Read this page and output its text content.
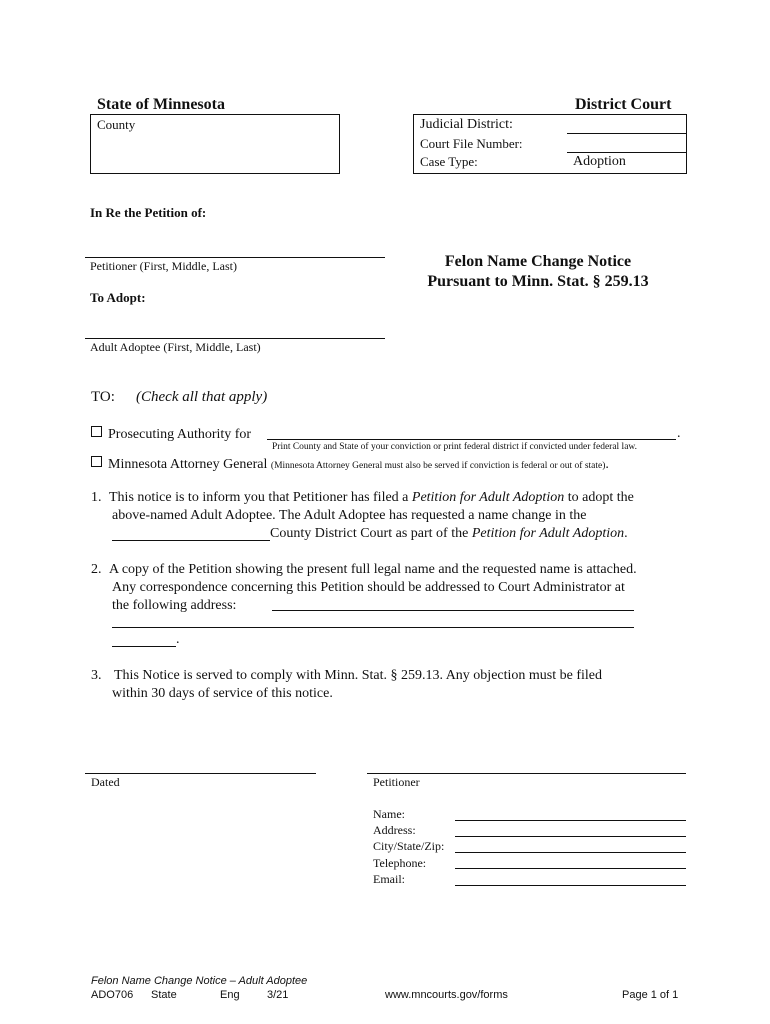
State of Minnesota	District Court
County	Judicial District:
Court File Number:
Case Type:	Adoption
In Re the Petition of:
Petitioner (First, Middle, Last)
To Adopt:
Adult Adoptee (First, Middle, Last)
Felon Name Change Notice
Pursuant to Minn. Stat. § 259.13
TO: (Check all that apply)
Prosecuting Authority for	.
Print County and State of your conviction or print federal district if convicted under federal law.
Minnesota Attorney General (Minnesota Attorney General must also be served if conviction is federal or out of state).
1. This notice is to inform you that Petitioner has filed a Petition for Adult Adoption to adopt the
above-named Adult Adoptee. The Adult Adoptee has requested a name change in the
County District Court as part of the Petition for Adult Adoption.
2. A copy of the Petition showing the present full legal name and the requested name is attached.
Any correspondence concerning this Petition should be addressed to Court Administrator at
the following address:
.
3. This Notice is served to comply with Minn. Stat. § 259.13. Any objection must be filed
within 30 days of service of this notice.
Dated	Petitioner
Name:
Address:
City/State/Zip:
Telephone:
Email:
Felon Name Change Notice – Adult Adoptee
ADO706 State	Eng 3/21	www.mncourts.gov/forms	Page 1 of 1
